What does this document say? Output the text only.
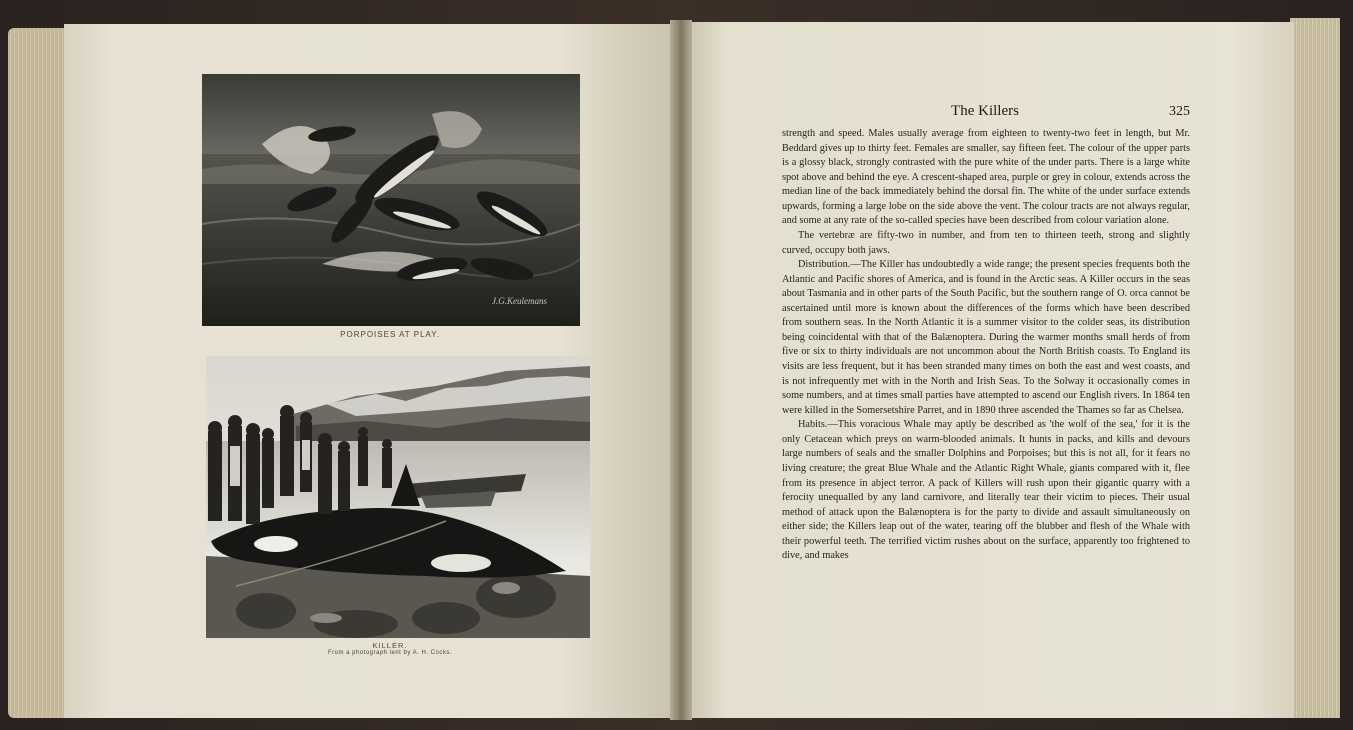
J.G.Keulemans
PORPOISES AT PLAY.
KILLER.
From a photograph lent by A. H. Cocks.
The Killers	325

strength and speed. Males usually average from eighteen to twenty-two feet in length, but Mr. Beddard gives up to thirty feet. Females are smaller, say fifteen feet. The colour of the upper parts is a glossy black, strongly contrasted with the pure white of the under parts. There is a large white spot above and behind the eye. A crescent-shaped area, purple or grey in colour, extends across the median line of the back immediately behind the dorsal fin. The white of the under surface extends upwards, forming a large lobe on the side above the vent. The colour tracts are not always regular, and some at any rate of the so-called species have been described from colour variation alone.

The vertebræ are fifty-two in number, and from ten to thirteen teeth, strong and slightly curved, occupy both jaws.

Distribution.—The Killer has undoubtedly a wide range; the present species frequents both the Atlantic and Pacific shores of America, and is found in the Arctic seas. A Killer occurs in the seas about Tasmania and in other parts of the South Pacific, but the southern range of O. orca cannot be ascertained until more is known about the differences of the forms which have been described from southern seas. In the North Atlantic it is a summer visitor to the colder seas, its distribution being coincidental with that of the Balænoptera. During the warmer months small herds of from five or six to thirty individuals are not uncommon about the North British coasts. To England its visits are less frequent, but it has been stranded many times on both the east and west coasts, and is not infrequently met with in the North and Irish Seas. To the Solway it occasionally comes in some numbers, and at times small parties have attempted to ascend our English rivers. In 1864 ten were killed in the Somersetshire Parret, and in 1890 three ascended the Thames so far as Chelsea.

Habits.—This voracious Whale may aptly be described as 'the wolf of the sea,' for it is the only Cetacean which preys on warm-blooded animals. It hunts in packs, and kills and devours large numbers of seals and the smaller Dolphins and Porpoises; but this is not all, for it fears no living creature; the great Blue Whale and the Atlantic Right Whale, giants compared with it, flee from its presence in abject terror. A pack of Killers will rush upon their gigantic quarry with a ferocity unequalled by any land carnivore, and literally tear their victim to pieces. Their usual method of attack upon the Balænoptera is for the party to divide and assault simultaneously on either side; the Killers leap out of the water, tearing off the blubber and flesh of the Whale with their powerful teeth. The terrified victim rushes about on the surface, apparently too frightened to dive, and makes
